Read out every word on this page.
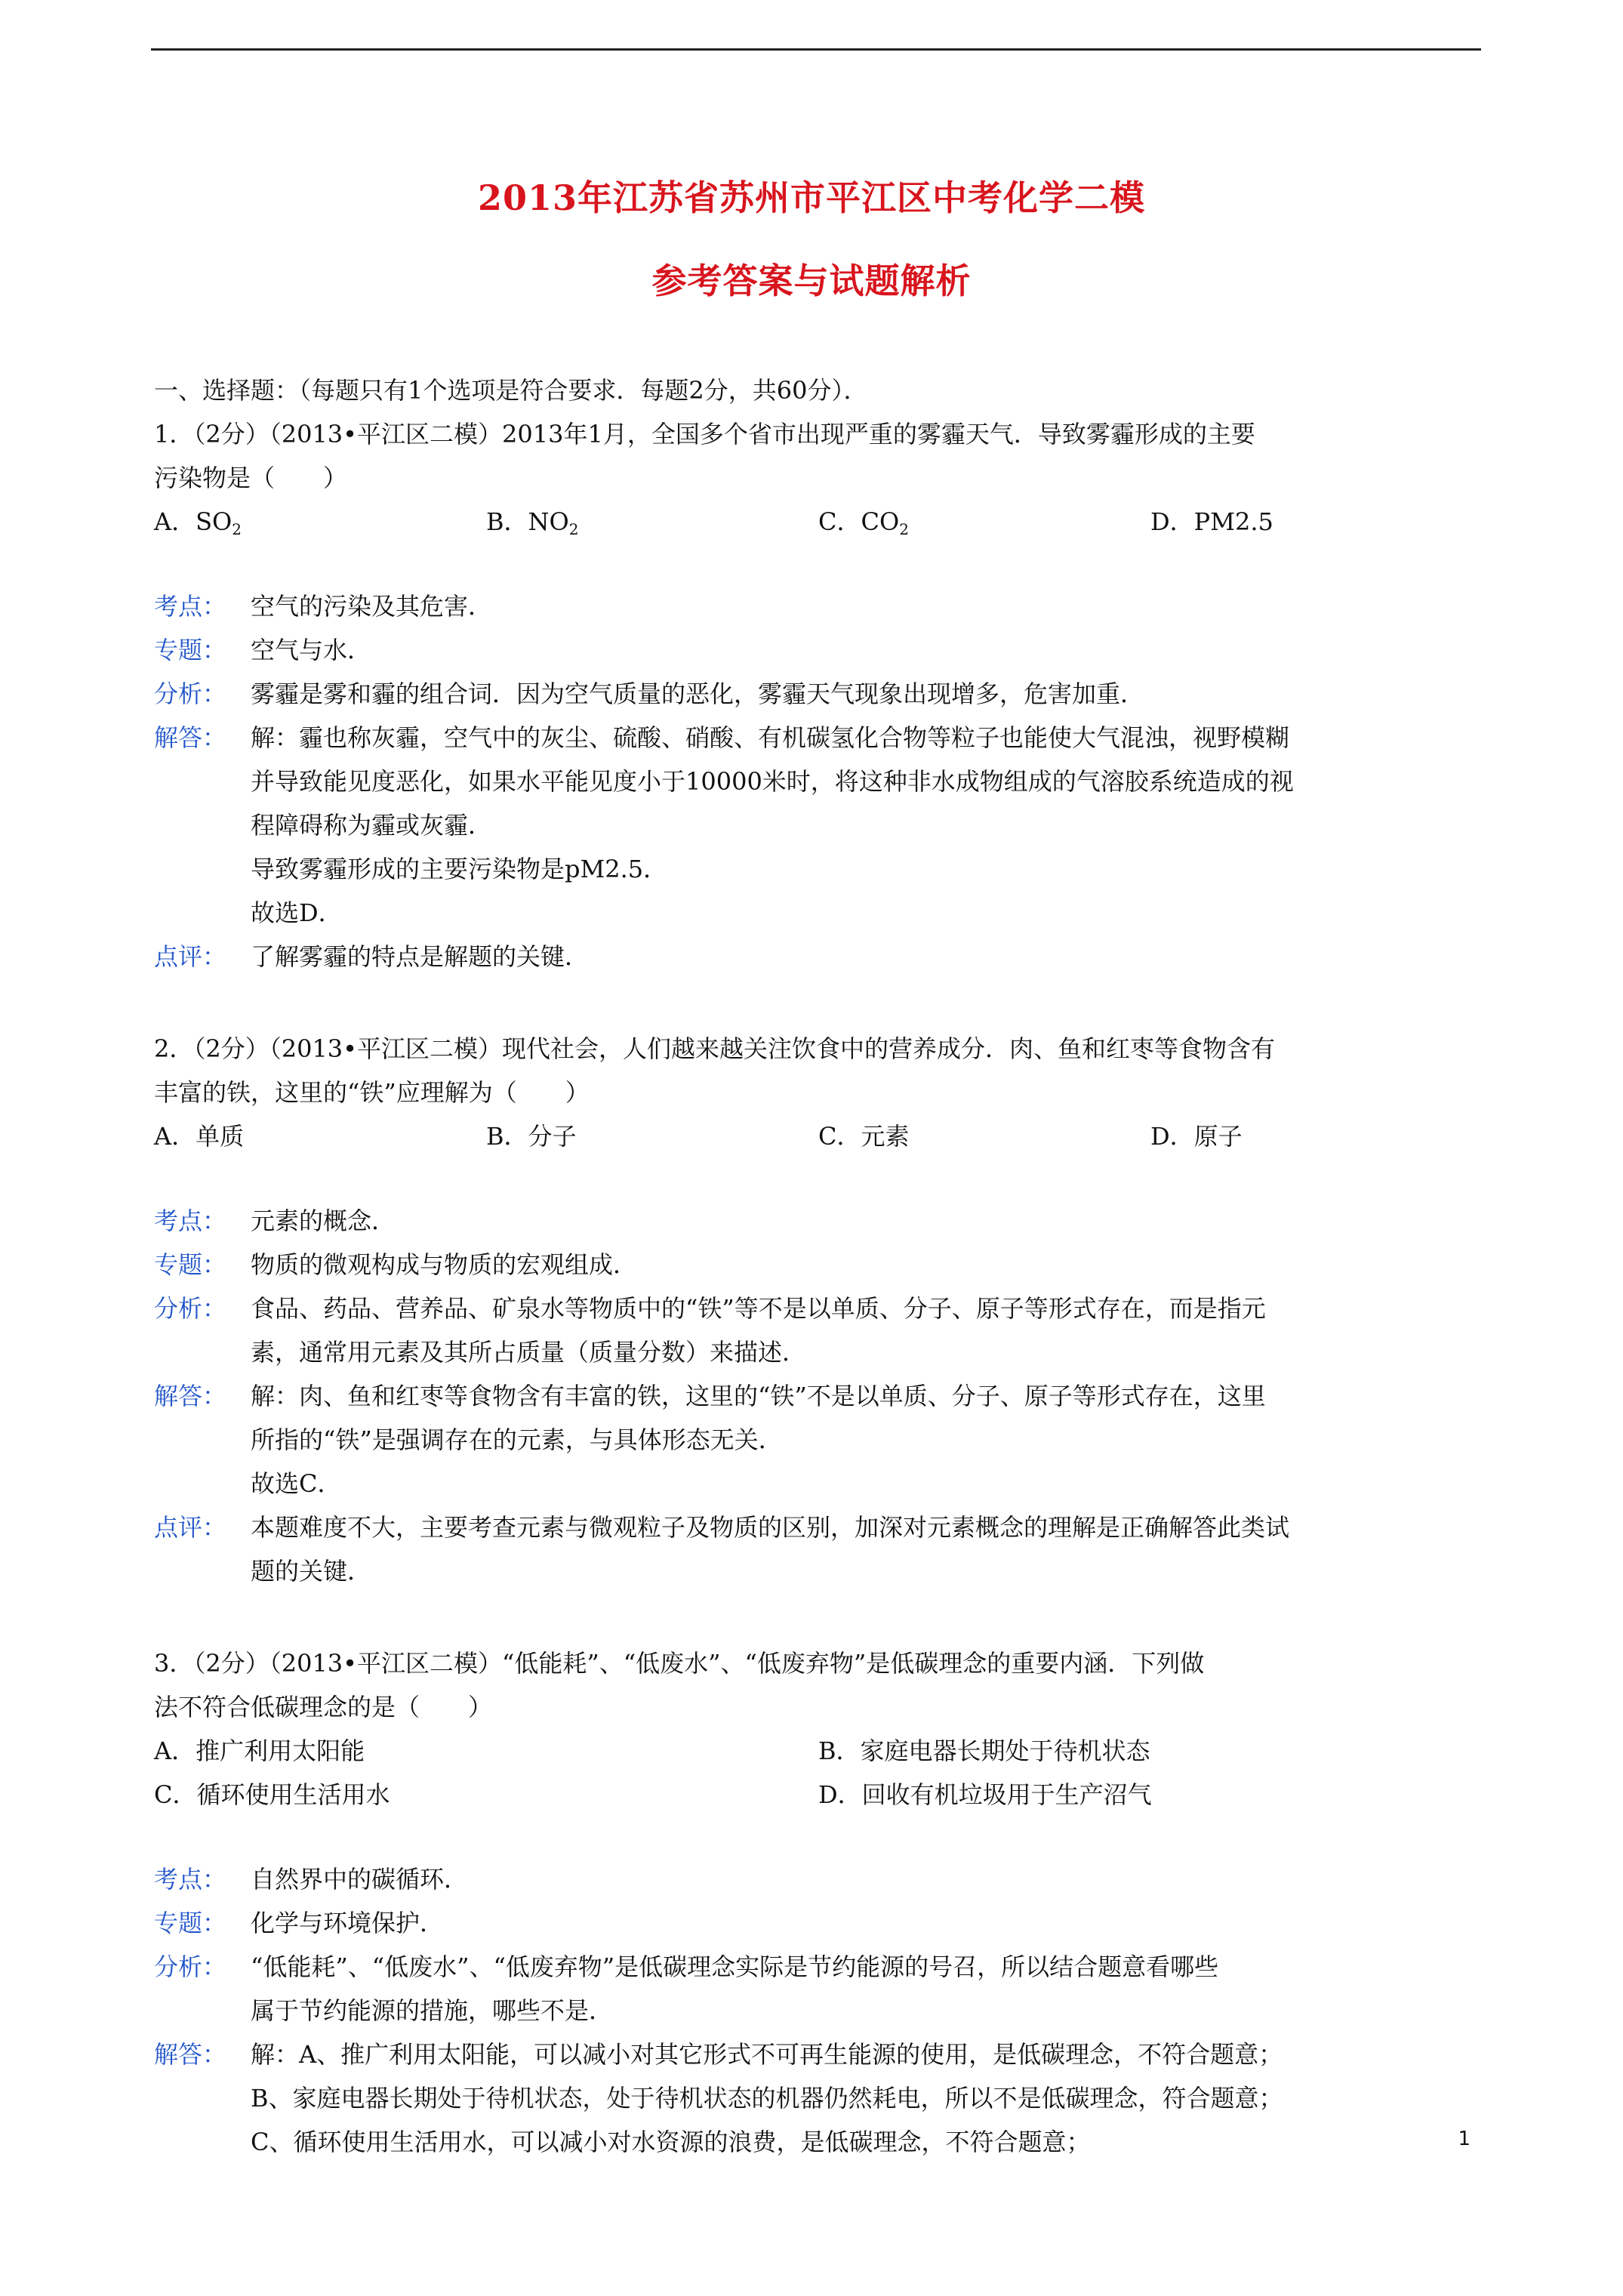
2013年江苏省苏州市平江区中考化学二模
参考答案与试题解析
一、选择题：（每题只有1个选项是符合要求．每题2分，共60分）．
1．（2分）（2013•平江区二模）2013年1月，全国多个省市出现严重的雾霾天气．导致雾霾形成的主要
污染物是（　　）
A．$SO_2$	B．$NO_2$	C．$CO_2$	D．PM2.5
考点： 空气的污染及其危害．
专题： 空气与水．
分析： 雾霾是雾和霾的组合词．因为空气质量的恶化，雾霾天气现象出现增多，危害加重．
解答： 解：霾也称灰霾，空气中的灰尘、硫酸、硝酸、有机碳氢化合物等粒子也能使大气混浊，视野模糊
并导致能见度恶化，如果水平能见度小于10000米时，将这种非水成物组成的气溶胶系统造成的视
程障碍称为霾或灰霾．
导致雾霾形成的主要污染物是pM2.5．
故选D．
点评： 了解雾霾的特点是解题的关键．
2．（2分）（2013•平江区二模）现代社会，人们越来越关注饮食中的营养成分．肉、鱼和红枣等食物含有
丰富的铁，这里的“铁”应理解为（　　）
A．单质	B．分子	C．元素	D．原子
考点： 元素的概念．
专题： 物质的微观构成与物质的宏观组成．
分析： 食品、药品、营养品、矿泉水等物质中的“铁”等不是以单质、分子、原子等形式存在，而是指元
素，通常用元素及其所占质量（质量分数）来描述．
解答： 解：肉、鱼和红枣等食物含有丰富的铁，这里的“铁”不是以单质、分子、原子等形式存在，这里
所指的“铁”是强调存在的元素，与具体形态无关．
故选C．
点评： 本题难度不大，主要考查元素与微观粒子及物质的区别，加深对元素概念的理解是正确解答此类试
题的关键．
3．（2分）（2013•平江区二模）“低能耗”、“低废水”、“低废弃物”是低碳理念的重要内涵．下列做
法不符合低碳理念的是（　　）
A．推广利用太阳能	B．家庭电器长期处于待机状态
C．循环使用生活用水	D．回收有机垃圾用于生产沼气
考点： 自然界中的碳循环．
专题： 化学与环境保护．
分析： “低能耗”、“低废水”、“低废弃物”是低碳理念实际是节约能源的号召，所以结合题意看哪些
属于节约能源的措施，哪些不是．
解答： 解：A、推广利用太阳能，可以减小对其它形式不可再生能源的使用，是低碳理念，不符合题意；
B、家庭电器长期处于待机状态，处于待机状态的机器仍然耗电，所以不是低碳理念，符合题意；
C、循环使用生活用水，可以减小对水资源的浪费，是低碳理念，不符合题意；	1
